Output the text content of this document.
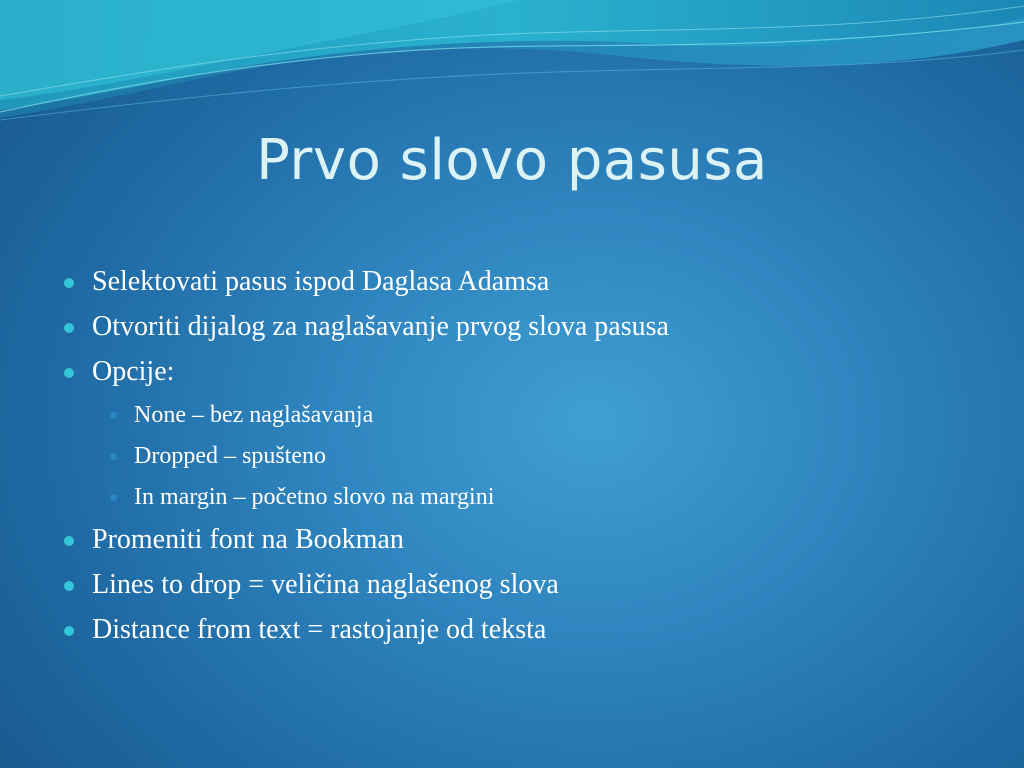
Prvo slovo pasusa
Selektovati pasus ispod Daglasa Adamsa
Otvoriti dijalog za naglašavanje prvog slova pasusa
Opcije:
None – bez naglašavanja
Dropped – spušteno
In margin – početno slovo na margini
Promeniti font na Bookman
Lines to drop = veličina naglašenog slova
Distance from text = rastojanje od teksta
